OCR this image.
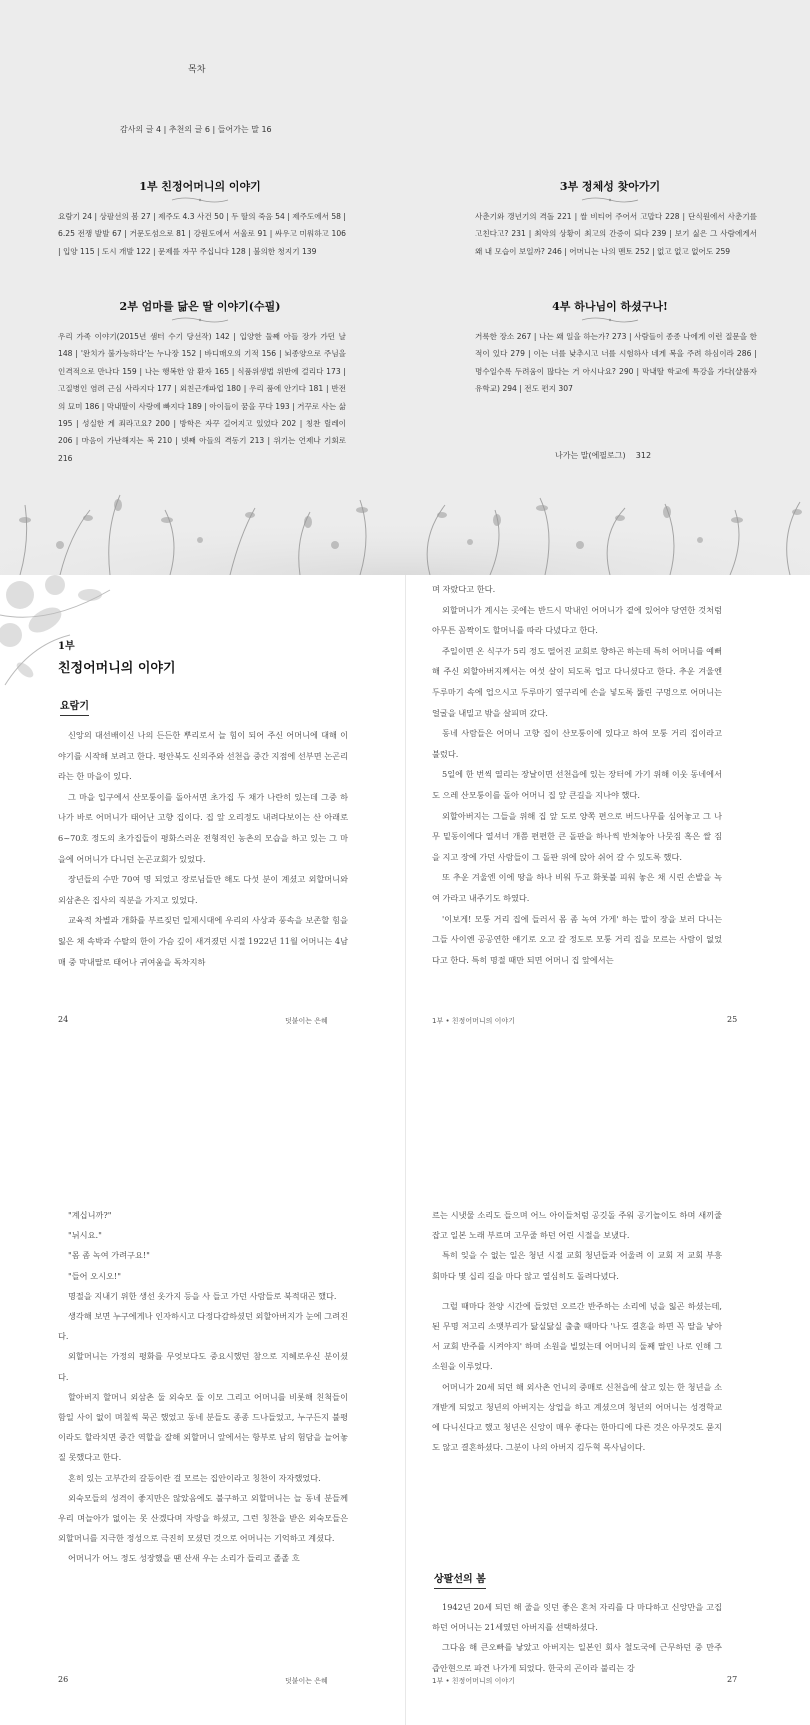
목차
감사의 글 4 | 추천의 글 6 | 들어가는 말 16
1부 친정어머니의 이야기
요람기 24 | 상팔선의 봄 27 | 제주도 4.3 사건 50 | 두 딸의 죽음 54 | 제주도에서 58 | 6.25 전쟁 발발 67 | 거문도섬으로 81 | 강원도에서 서울로 91 | 싸우고 미워하고 106 | 입양 115 | 도시 개발 122 | 문제를 자꾸 주십니다 128 | 불의한 청지기 139
2부 엄마를 닮은 딸 이야기(수필)
우리 가족 이야기(2015년 샘터 수기 당선작) 142 | 입양한 둘째 아들 장가 가던 날 148 | '완치가 불가능하다'는 누나장 152 | 바디매오의 기적 156 | 뇌종양으로 주님을 인격적으로 만나다 159 | 나는 행복한 암 환자 165 | 식품위생법 위반에 걸리다 173 | 고질병인 염려 근심 사라지다 177 | 외친근개파업 180 | 우리 품에 안기다 181 | 반전의 묘미 186 | 막내딸이 사랑에 빠지다 189 | 아이들이 꿈을 꾸다 193 | 거꾸로 사는 삶 195 | 성실한 게 죄라고요? 200 | 방학은 자꾸 길어지고 있었다 202 | 칭찬 릴레이 206 | 마음이 가난해지는 복 210 | 넷째 아들의 격동기 213 | 위기는 언제나 기회로 216
3부 정체성 찾아가기
사춘기와 갱년기의 격돌 221 | 쌀 비티어 주어서 고맙다 228 | 단식원에서 사춘기를 고친다고? 231 | 최악의 상황이 최고의 간증이 되다 239 | 보기 싫은 그 사람에게서 왜 내 모습이 보일까? 246 | 어머니는 나의 멘토 252 | 없고 없고 없어도 259
4부 하나님이 하셨구나!
거룩한 장소 267 | 나는 왜 일을 하는가? 273 | 사람들이 종종 나에게 이런 질문을 한 적이 있다 279 | 이는 너를 낮추시고 너를 시험하사 네게 복을 주려 하심이라 286 | 명수일수록 두려움이 많다는 거 아시나요? 290 | 막내딸 학교에 특강을 가다(샬롬자유학교) 294 | 전도 편지 307
나가는 말(에필로그)    312
1부
친정어머니의 이야기
요람기

신앙의 대선배이신 나의 든든한 뿌리로서 늘 힘이 되어 주신 어머니에 대해 이야기를 시작해 보려고 한다. 평안북도 신의주와 선천읍 중간 지점에 선부면 논곤리라는 한 마을이 있다.

그 마을 입구에서 산모퉁이를 돌아서면 초가집 두 채가 나란히 있는데 그중 하나가 바로 어머니가 태어난 고향 집이다. 집 앞 오리정도 내려다보이는 산 아래로 6~70호 정도의 초가집들이 평화스러운 전형적인 농촌의 모습을 하고 있는 그 마을에 어머니가 다니던 논곤교회가 있었다.

장년들의 수만 70여 명 되었고 장로님들만 해도 다섯 분이 계셨고 외할머니와 외삼촌은 집사의 직분을 가지고 있었다.

교육적 차별과 개화를 부르짖던 일제시대에 우리의 사상과 풍속을 보존할 힘을 잃은 채 속박과 수탈의 한이 가슴 깊이 새겨졌던 시절 1922년 11월 어머니는 4남매 중 막내딸로 태어나 귀여움을 독차지하

24	덧붙이는 은혜

며 자랐다고 한다.

외할머니가 계시는 곳에는 반드시 막내인 어머니가 곁에 있어야 당연한 것처럼 아무튼 꼼짝이도 할머니를 따라 다녔다고 한다.

주일이면 온 식구가 5리 정도 떨어진 교회로 향하곤 하는데 특히 어머니를 예뻐해 주신 외할아버지께서는 여섯 살이 되도록 업고 다니셨다고 한다. 추운 겨울엔 두루마기 속에 업으시고 두루마기 옆구리에 손을 넣도록 뚫린 구멍으로 어머니는 얼굴을 내밀고 밖을 살피며 갔다.

동네 사람들은 어머니 고향 집이 산모퉁이에 있다고 하여 모퉁 거리 집이라고 불렀다.

5일에 한 번씩 열리는 장날이면 선천읍에 있는 장터에 가기 위해 이웃 동네에서도 으레 산모퉁이를 돌아 어머니 집 앞 큰길을 지나야 했다.

외할아버지는 그들을 위해 집 앞 도로 양쪽 편으로 버드나무를 심어놓고 그 나무 밑동이에다 열셔너 개쯤 편편한 큰 돌판을 하나씩 반쳐놓아 나뭇짐 혹은 쌀 짐을 지고 장에 가던 사람들이 그 돌판 위에 앉아 쉬어 갈 수 있도록 했다.

또 추운 겨울엔 이에 땅을 하나 비워 두고 화롯불 피워 놓은 채 시린 손발을 녹여 가라고 내주기도 하였다.

'이보게! 모퉁 거리 집에 들러서 몸 좀 녹여 가게' 하는 말이 장을 보러 다니는 그들 사이엔 공공연한 얘기로 오고 갈 정도로 모퉁 거리 집을 모르는 사람이 없었다고 한다. 특히 명절 때만 되면 어머니 집 앞에서는

1부 • 친정어머니의 이야기	25

"계십니까?"

"뉘시요."

"몸 좀 녹여 가려구요!"

"들어 오시오!"

명절을 지내기 위한 생선 옷가지 등을 사 들고 가던 사람들로 북적대곤 했다.

생각해 보면 누구에게나 인자하시고 다정다감하셨던 외할아버지가 눈에 그려진다.

외할머니는 가정의 평화를 무엇보다도 중요시했던 참으로 지혜로우신 분이셨다.

할아버지 할머니 외삼촌 둘 외숙모 둘 이모 그리고 어머니를 비롯해 친척들이 함일 사이 없이 며칠씩 묵곤 했었고 동네 분들도 종종 드나들었고, 누구든지 불평이라도 할라치면 중간 역할을 잘해 외할머니 앞에서는 항부로 남의 험담을 늘어놓질 못했다고 한다.

혼히 있는 고부간의 갈등이란 걸 모르는 집안이라고 칭찬이 자자했었다.

외숙모들의 성격이 좋지만은 않았음에도 불구하고 외할머니는 늘 동네 분들께 우리 며늘아가 없이는 못 산겠다며 자랑을 하셨고, 그런 칭찬을 받은 외숙모들은 외할머니를 지극한 정성으로 극진히 모셨던 것으로 어머니는 기억하고 계셨다.

어머니가 어느 정도 성장했을 땐 산새 우는 소리가 들리고 졸졸 흐

26	덧붙이는 은혜

르는 시냇물 소리도 들으며 어느 아이들처럼 공깃돌 주워 공기놀이도 하며 새끼줄 잡고 일본 노래 부르며 고무줄 하던 어린 시절을 보냈다.

특히 잊을 수 없는 일은 청년 시절 교회 청년들과 어울려 이 교회 저 교회 부흥회마다 몇 십리 길을 마다 않고 열심히도 돌려다녔다.

그럴 때마다 찬양 시간에 들었던 오르간 반주하는 소리에 넋을 잃곤 하셨는데, 된 무명 저고리 소맷부리가 닳실닳실 출출 때마다 '나도 결혼을 하면 꼭 딸을 낳아서 교회 반주를 시켜야지' 하며 소원을 빌었는데 어머니의 둘째 딸인 나로 인해 그 소원을 이루었다.

어머니가 20세 되던 해 외사촌 언니의 중매로 신천읍에 살고 있는 한 청년을 소개받게 되었고 청년의 아버지는 상업을 하고 계셨으며 청년의 어머니는 성경학교에 다니신다고 했고 청년은 신앙이 매우 좋다는 한마디에 다른 것은 아무것도 묻지도 않고 결혼하셨다. 그분이 나의 아버지 김두혁 목사님이다.

상팔선의 봄

1942년 20세 되던 해 줄을 잇던 좋은 혼처 자리를 다 마다하고 신앙만을 고집하던 어머니는 21세였던 아버지를 선택하셨다.

그다음 해 큰오빠를 낳았고 아버지는 일본인 회사 철도국에 근무하던 중 만주 즙안현으로 파견 나가게 되었다. 한국의 곤이라 불리는 강

1부 • 친정어머니의 이야기	27
